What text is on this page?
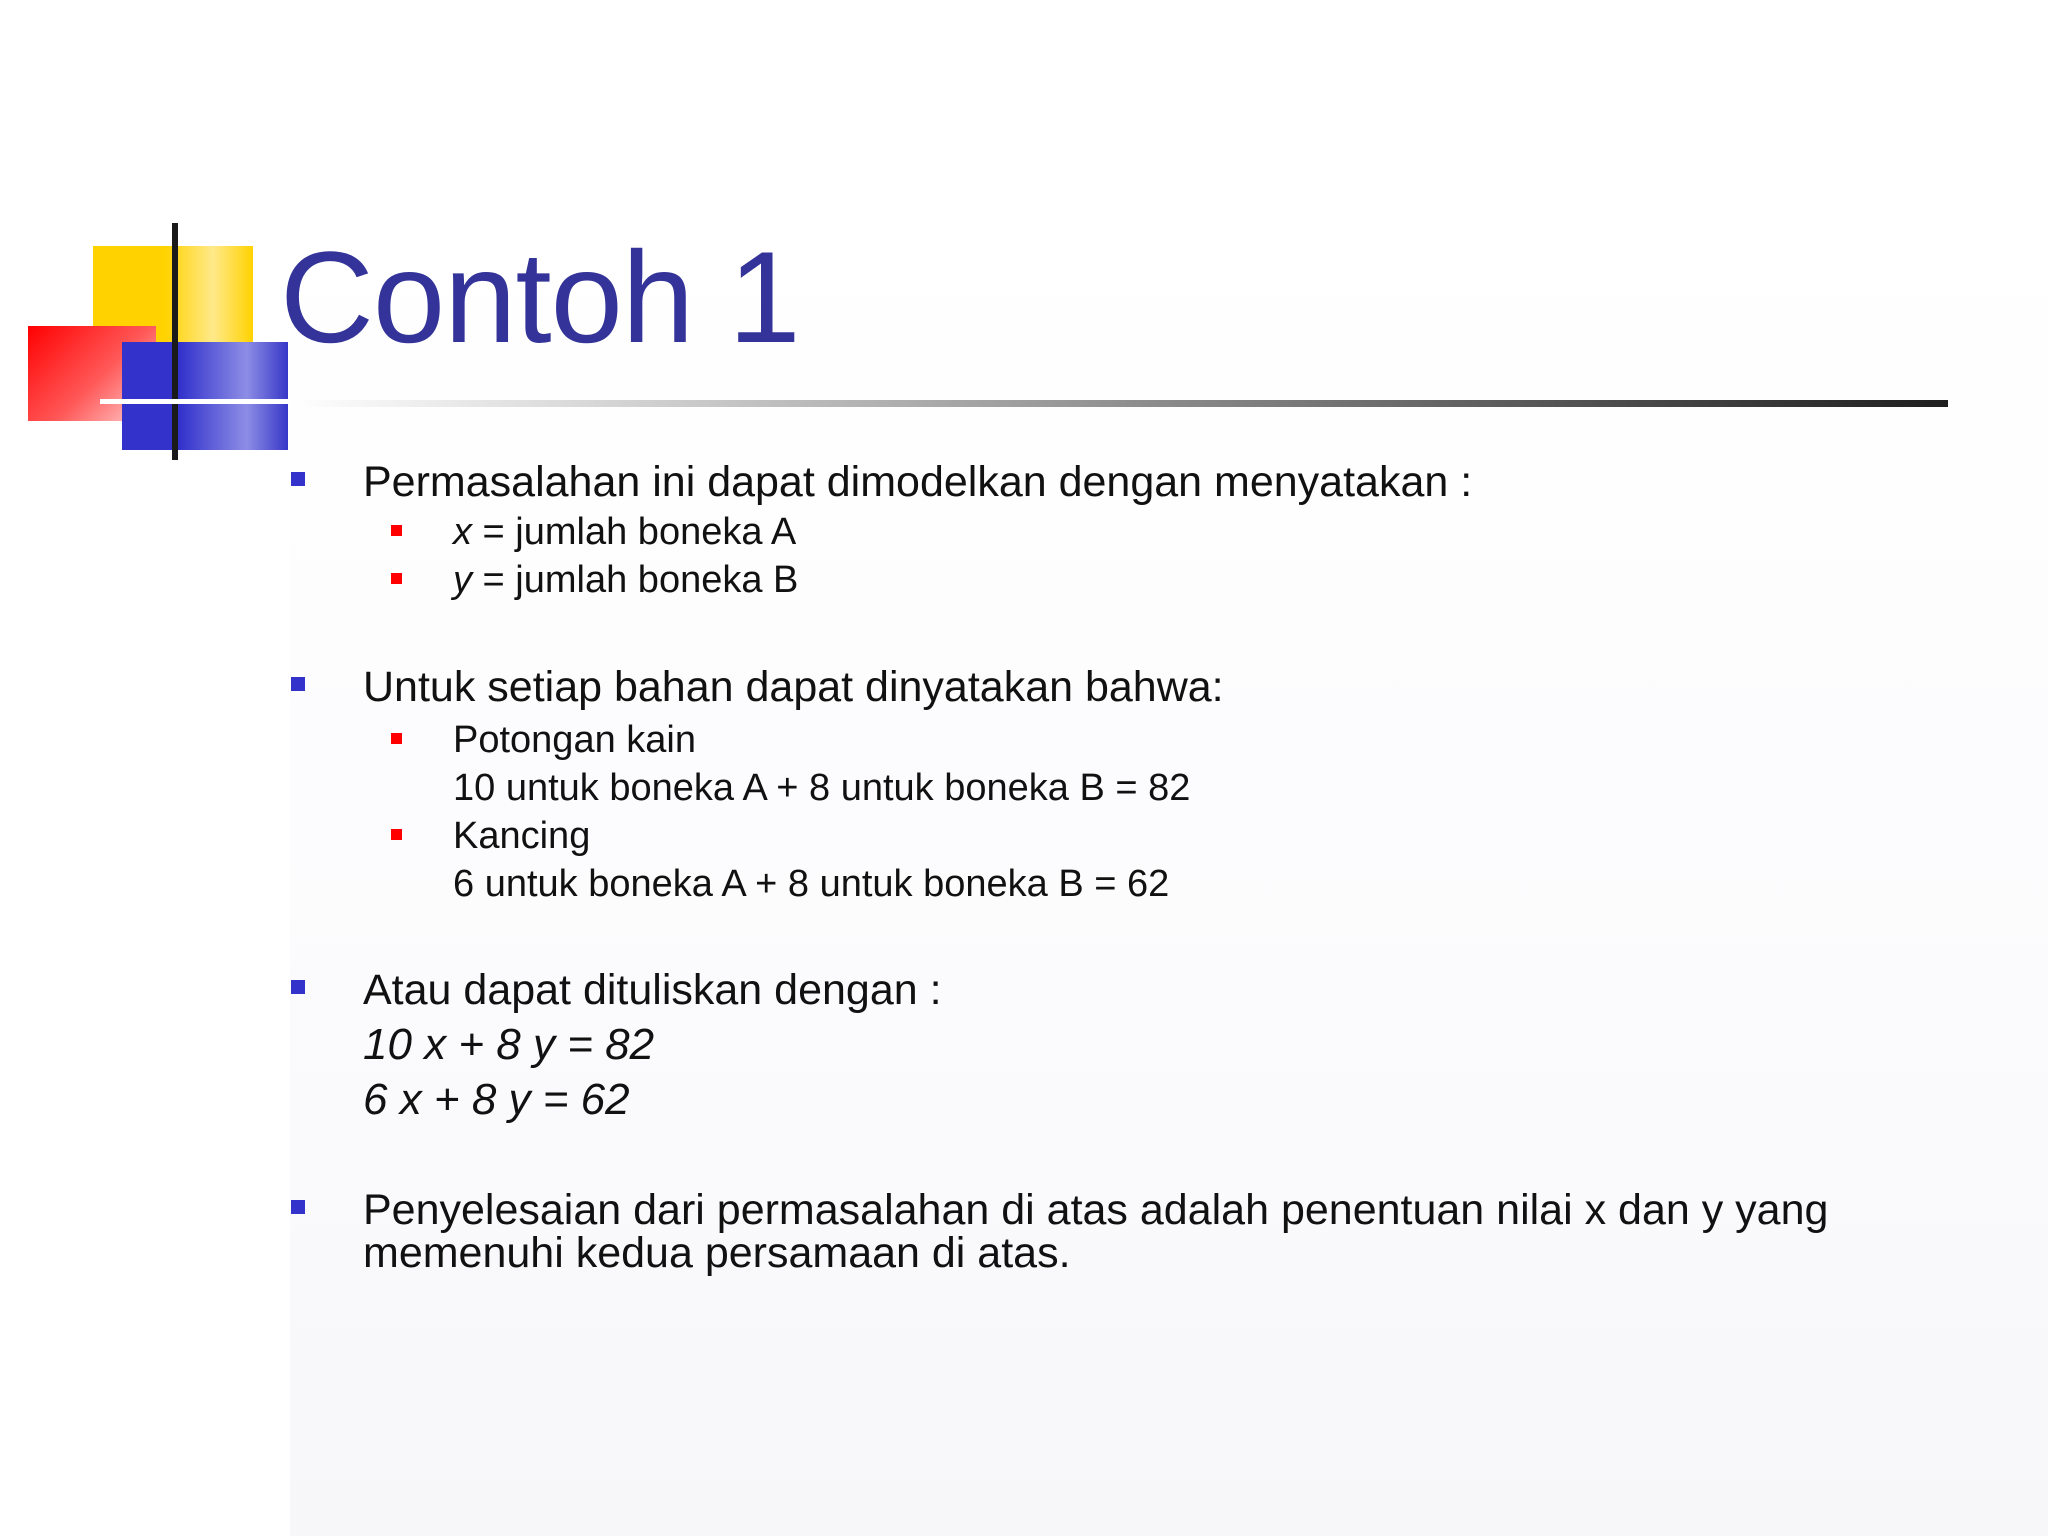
Contoh 1
Permasalahan ini dapat dimodelkan dengan menyatakan :
x = jumlah boneka A
y = jumlah boneka B
Untuk setiap bahan dapat dinyatakan bahwa:
Potongan kain
10 untuk boneka A + 8 untuk boneka B = 82
Kancing
6 untuk boneka A + 8 untuk boneka B = 62
Atau dapat dituliskan dengan :
10 x + 8 y = 82
6 x + 8 y = 62
Penyelesaian dari permasalahan di atas adalah penentuan nilai x dan y yang
memenuhi kedua persamaan di atas.
